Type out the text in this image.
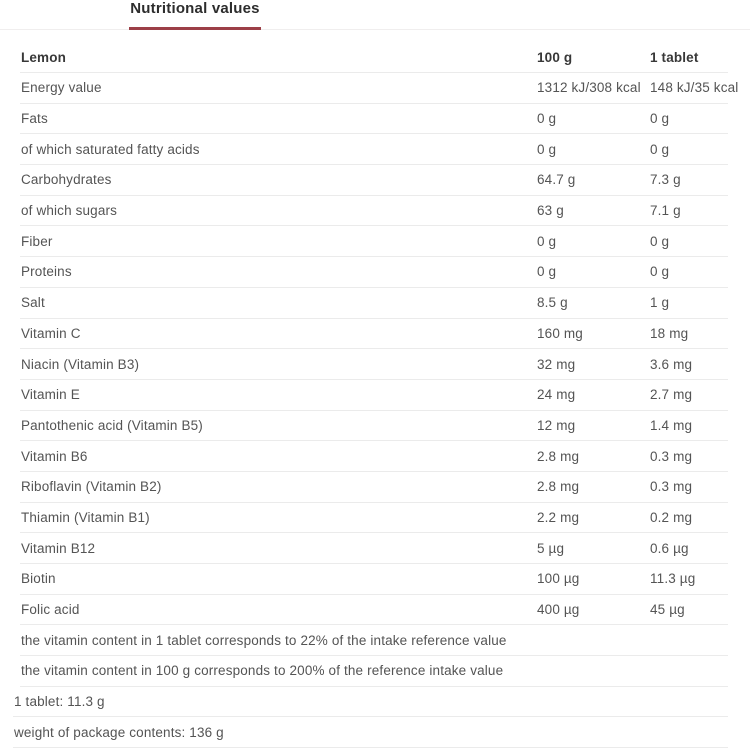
Nutritional values
Lemon	100 g	1 tablet
Energy value	1312 kJ/308 kcal 148 kJ/35 kcal
Fats	0 g	0 g
of which saturated fatty acids	0 g	0 g
Carbohydrates	64.7 g	7.3 g
of which sugars	63 g	7.1 g
Fiber	0 g	0 g
Proteins	0 g	0 g
Salt	8.5 g	1 g
Vitamin C	160 mg	18 mg
Niacin (Vitamin B3)	32 mg	3.6 mg
Vitamin E	24 mg	2.7 mg
Pantothenic acid (Vitamin B5)	12 mg	1.4 mg
Vitamin B6	2.8 mg	0.3 mg
Riboflavin (Vitamin B2)	2.8 mg	0.3 mg
Thiamin (Vitamin B1)	2.2 mg	0.2 mg
Vitamin B12	5 µg	0.6 µg
Biotin	100 µg	11.3 µg
Folic acid	400 µg	45 µg
the vitamin content in 1 tablet corresponds to 22% of the intake reference value
the vitamin content in 100 g corresponds to 200% of the reference intake value
1 tablet: 11.3 g
weight of package contents: 136 g
